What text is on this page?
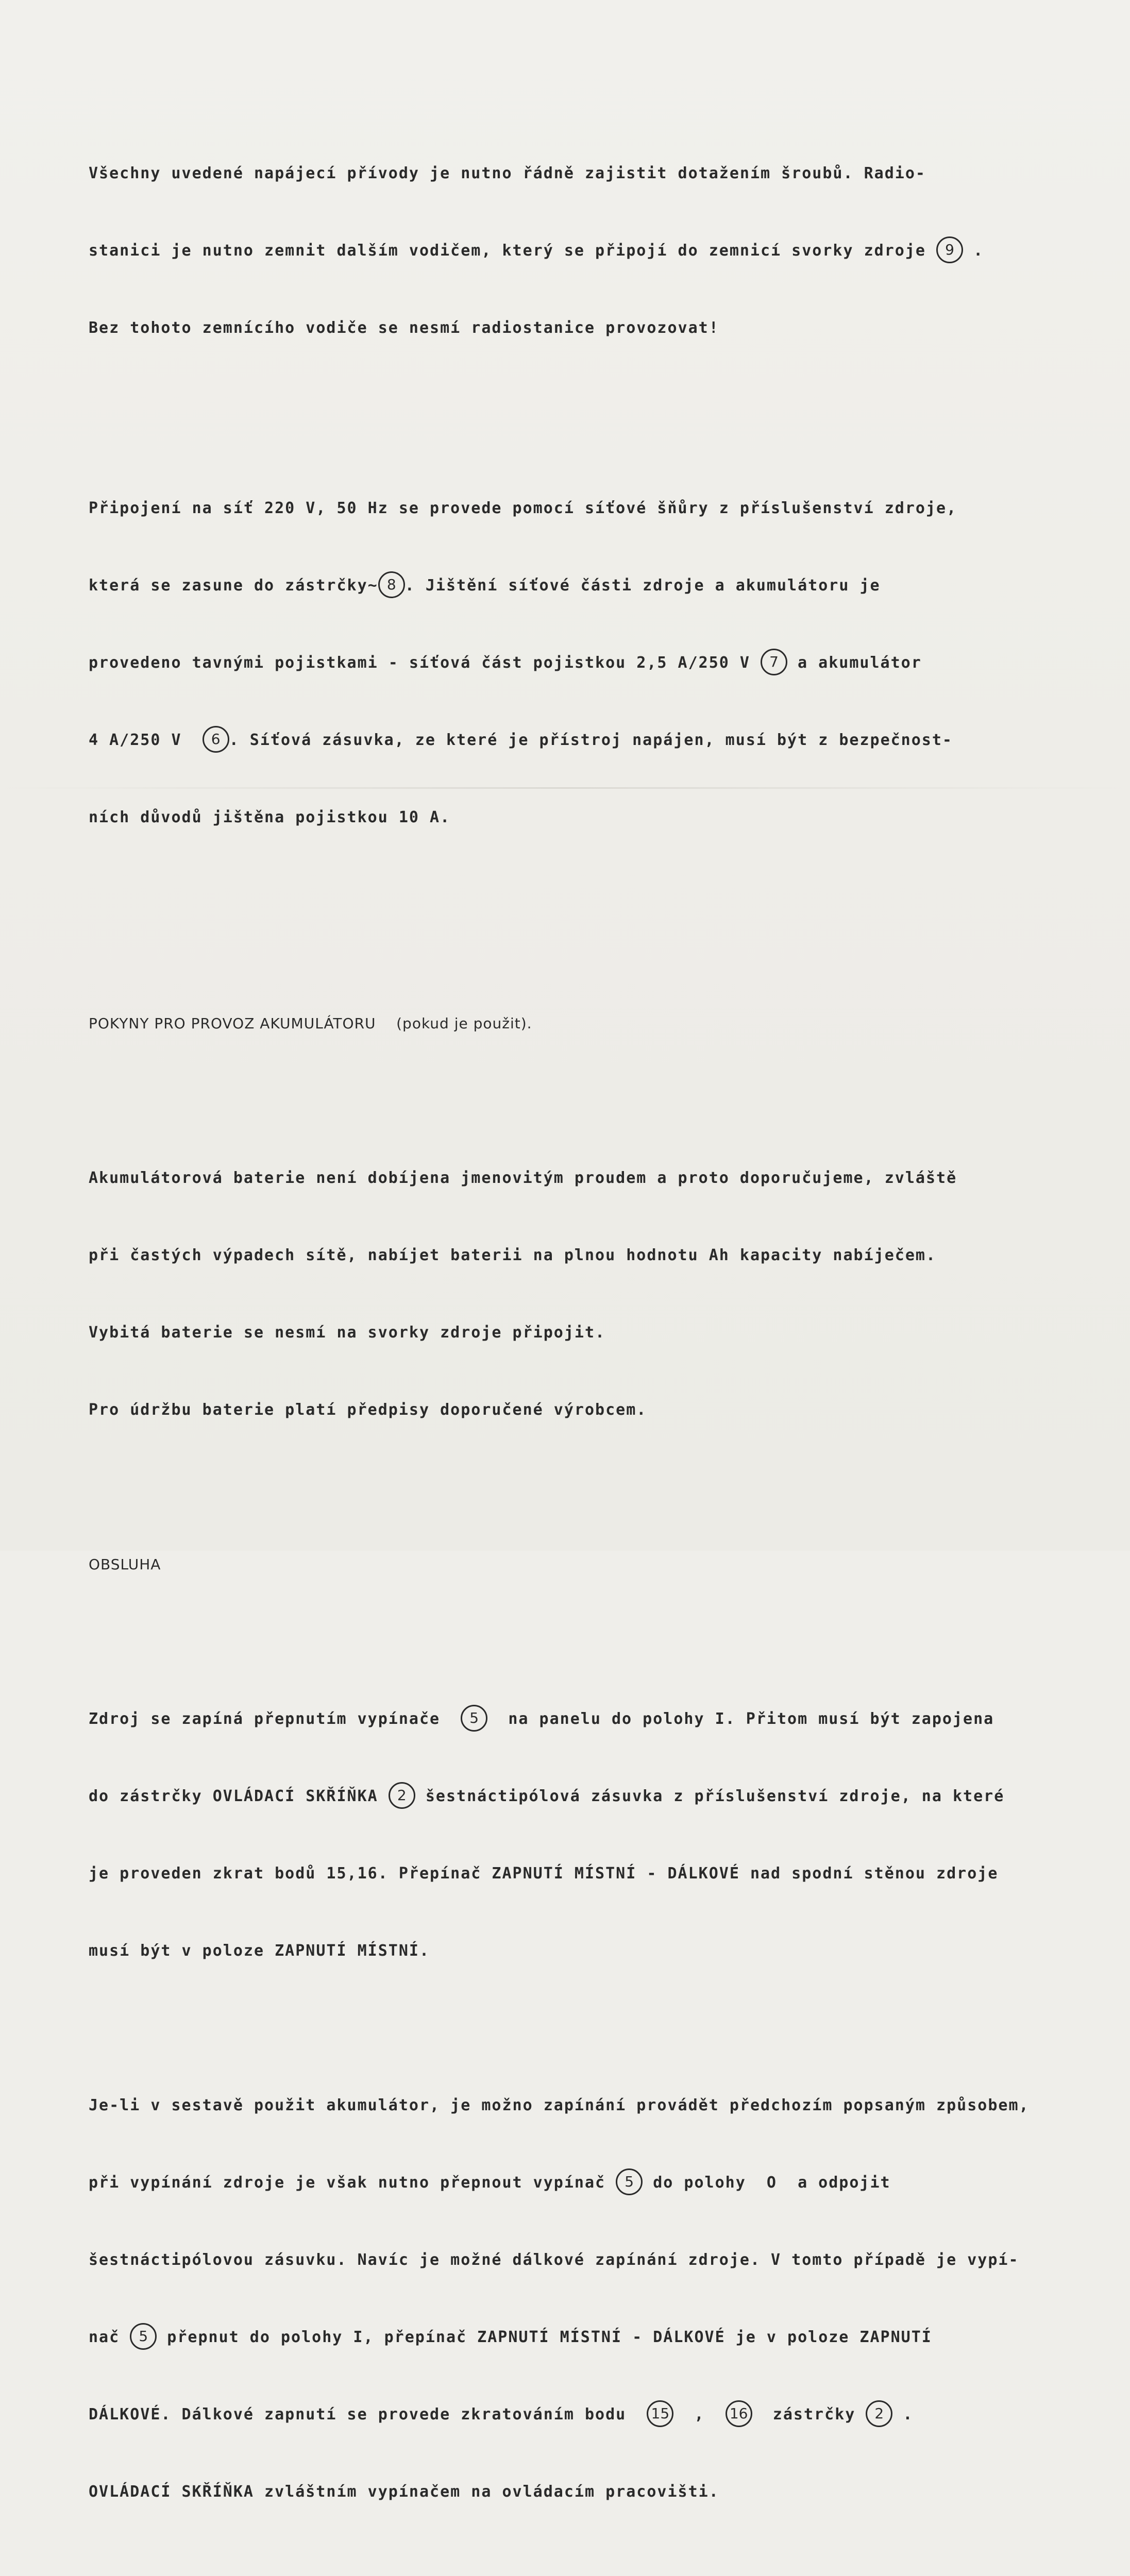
Všechny uvedené napájecí přívody je nutno řádně zajistit dotažením šroubů. Radio-

stanici je nutno zemnit dalším vodičem, který se připojí do zemnicí svorky zdroje 9 .

Bez tohoto zemnícího vodiče se nesmí radiostanice provozovat!

Připojení na síť 220 V, 50 Hz se provede pomocí síťové šňůry z příslušenství zdroje,

která se zasune do zástrčky~ 8 . Jištění síťové části zdroje a akumulátoru je

provedeno tavnými pojistkami - síťová část pojistkou 2,5 A/250 V 7 a akumulátor

4 A/250 V  6 . Síťová zásuvka, ze které je přístroj napájen, musí být z bezpečnost-

ních důvodů jištěna pojistkou 10 A.

POKYNY PRO PROVOZ AKUMULÁTORU    (pokud je použit).

Akumulátorová baterie není dobíjena jmenovitým proudem a proto doporučujeme, zvláště

při častých výpadech sítě, nabíjet baterii na plnou hodnotu Ah kapacity nabíječem.

Vybitá baterie se nesmí na svorky zdroje připojit.

Pro údržbu baterie platí předpisy doporučené výrobcem.

OBSLUHA

Zdroj se zapíná přepnutím vypínače  5  na panelu do polohy I. Přitom musí být zapojena

do zástrčky OVLÁDACÍ SKŘÍŇKA 2 šestnáctipólová zásuvka z příslušenství zdroje, na které

je proveden zkrat bodů 15,16. Přepínač ZAPNUTÍ MÍSTNÍ - DÁLKOVÉ nad spodní stěnou zdroje

musí být v poloze ZAPNUTÍ MÍSTNÍ.

Je-li v sestavě použit akumulátor, je možno zapínání provádět předchozím popsaným způsobem,

při vypínání zdroje je však nutno přepnout vypínač 5 do polohy  O  a odpojit

šestnáctipólovou zásuvku. Navíc je možné dálkové zapínání zdroje. V tomto případě je vypí-

nač 5 přepnut do polohy I, přepínač ZAPNUTÍ MÍSTNÍ - DÁLKOVÉ je v poloze ZAPNUTÍ

DÁLKOVÉ. Dálkové zapnutí se provede zkratováním bodu  15  ,  16  zástrčky 2 .

OVLÁDACÍ SKŘÍŇKA zvláštním vypínačem na ovládacím pracovišti.
